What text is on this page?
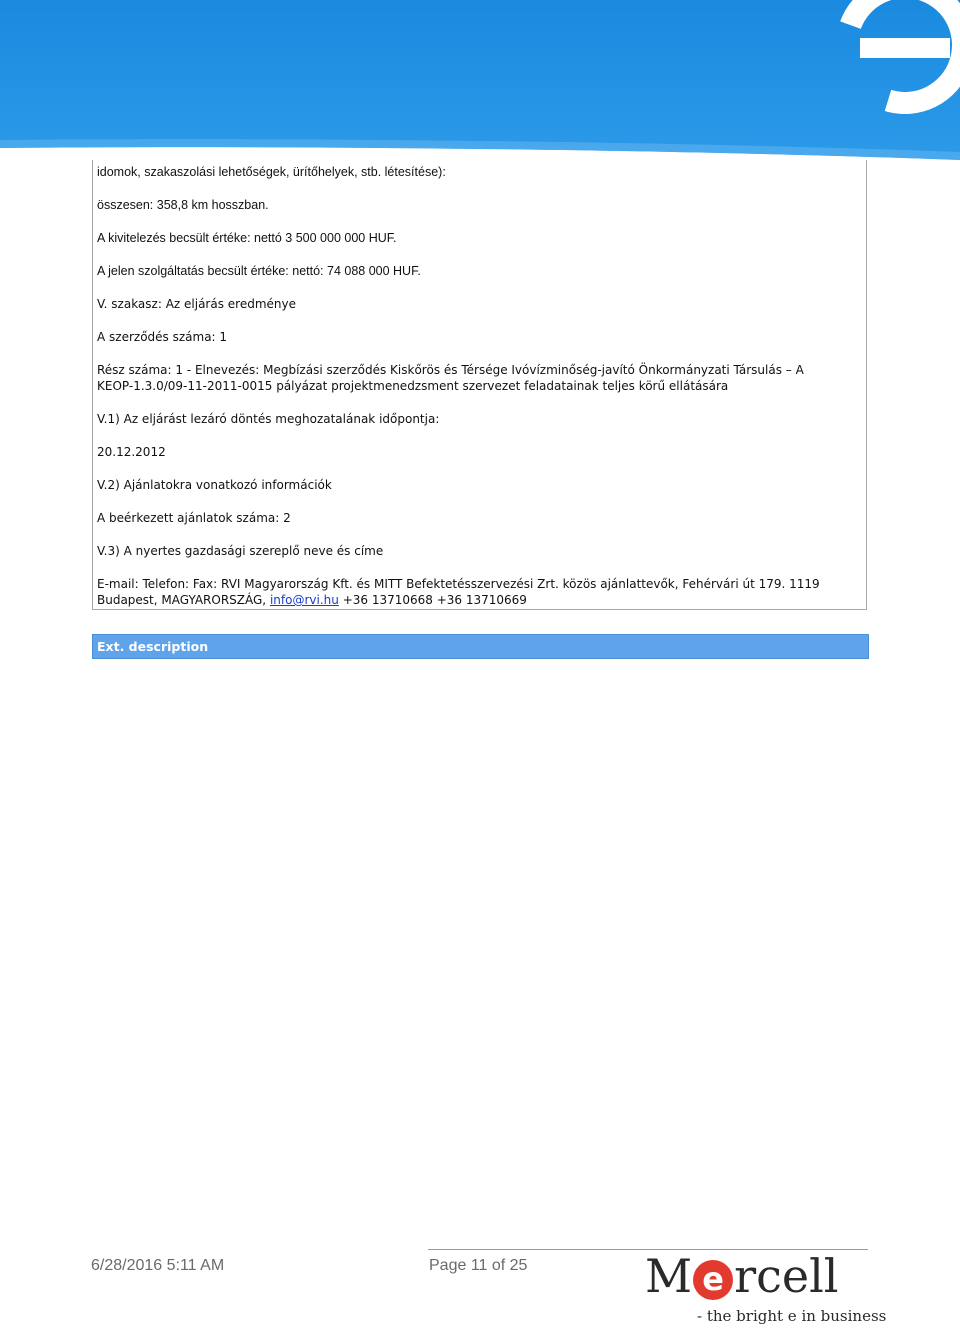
idomok, szakaszolási lehetőségek, ürítőhelyek, stb. létesítése):
összesen: 358,8 km hosszban.
A kivitelezés becsült értéke: nettó 3 500 000 000 HUF.
A jelen szolgáltatás becsült értéke: nettó: 74 088 000 HUF.
V. szakasz: Az eljárás eredménye
A szerződés száma: 1
Rész száma: 1 - Elnevezés: Megbízási szerződés Kiskőrös és Térsége Ivóvízminőség-javító Önkormányzati Társulás – A KEOP-1.3.0/09-11-2011-0015 pályázat projektmenedzsment szervezet feladatainak teljes körű ellátására
V.1) Az eljárást lezáró döntés meghozatalának időpontja:
20.12.2012
V.2) Ajánlatokra vonatkozó információk
A beérkezett ajánlatok száma: 2
V.3) A nyertes gazdasági szereplő neve és címe
E-mail: Telefon: Fax: RVI Magyarország Kft. és MITT Befektetésszervezési Zrt. közös ajánlattevők, Fehérvári út 179. 1119 Budapest, MAGYARORSZÁG, info@rvi.hu +36 13710668 +36 13710669
Ext. description
6/28/2016 5:11 AM	Page 11 of 25	M e rcell
- the bright e in business
